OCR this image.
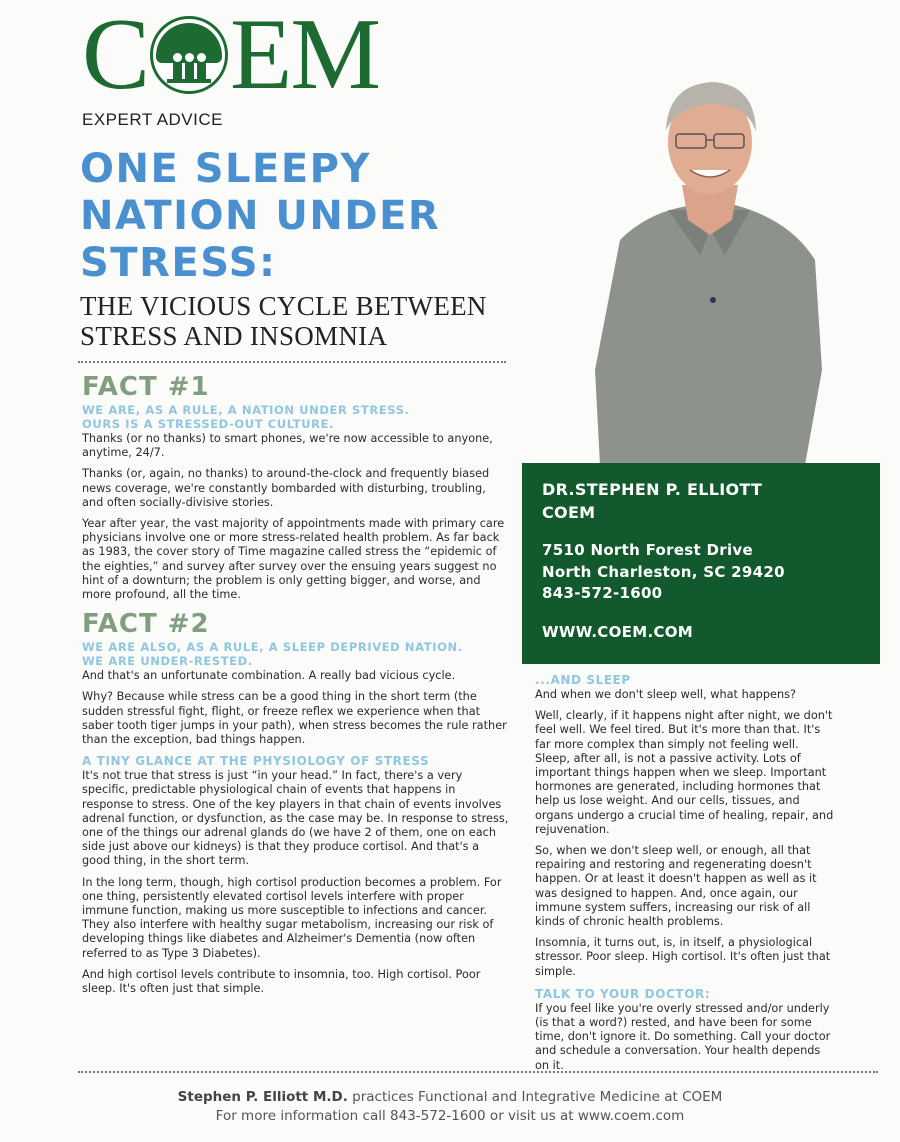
C EM
EXPERT ADVICE
ONE SLEEPY
NATION UNDER
STRESS:
THE VICIOUS CYCLE BETWEEN
STRESS AND INSOMNIA
FACT #1
WE ARE, AS A RULE, A NATION UNDER STRESS.
OURS IS A STRESSED-OUT CULTURE.

Thanks (or no thanks) to smart phones, we're now accessible to anyone, anytime, 24/7.

Thanks (or, again, no thanks) to around-the-clock and frequently biased news coverage, we're constantly bombarded with disturbing, troubling, and often socially-divisive stories.

Year after year, the vast majority of appointments made with primary care physicians involve one or more stress-related health problem. As far back as 1983, the cover story of Time magazine called stress the “epidemic of the eighties,” and survey after survey over the ensuing years suggest no hint of a downturn; the problem is only getting bigger, and worse, and more profound, all the time.

FACT #2
WE ARE ALSO, AS A RULE, A SLEEP DEPRIVED NATION.
WE ARE UNDER-RESTED.

And that's an unfortunate combination. A really bad vicious cycle.

Why? Because while stress can be a good thing in the short term (the sudden stressful fight, flight, or freeze reflex we experience when that saber tooth tiger jumps in your path), when stress becomes the rule rather than the exception, bad things happen.

A TINY GLANCE AT THE PHYSIOLOGY OF STRESS

It's not true that stress is just “in your head.” In fact, there's a very specific, predictable physiological chain of events that happens in response to stress. One of the key players in that chain of events involves adrenal function, or dysfunction, as the case may be. In response to stress, one of the things our adrenal glands do (we have 2 of them, one on each side just above our kidneys) is that they produce cortisol. And that's a good thing, in the short term.

In the long term, though, high cortisol production becomes a problem. For one thing, persistently elevated cortisol levels interfere with proper immune function, making us more susceptible to infections and cancer. They also interfere with healthy sugar metabolism, increasing our risk of developing things like diabetes and Alzheimer's Dementia (now often referred to as Type 3 Diabetes).

And high cortisol levels contribute to insomnia, too. High cortisol. Poor sleep. It's often just that simple.

DR.STEPHEN P. ELLIOTT
COEM
7510 North Forest Drive
North Charleston, SC 29420
843-572-1600
WWW.COEM.COM
...AND SLEEP

And when we don't sleep well, what happens?

Well, clearly, if it happens night after night, we don't feel well. We feel tired. But it's more than that. It's far more complex than simply not feeling well. Sleep, after all, is not a passive activity. Lots of important things happen when we sleep. Important hormones are generated, including hormones that help us lose weight. And our cells, tissues, and organs undergo a crucial time of healing, repair, and rejuvenation.

So, when we don't sleep well, or enough, all that repairing and restoring and regenerating doesn't happen. Or at least it doesn't happen as well as it was designed to happen. And, once again, our immune system suffers, increasing our risk of all kinds of chronic health problems.

Insomnia, it turns out, is, in itself, a physiological stressor. Poor sleep. High cortisol. It's often just that simple.

TALK TO YOUR DOCTOR:

If you feel like you're overly stressed and/or underly (is that a word?) rested, and have been for some time, don't ignore it. Do something. Call your doctor and schedule a conversation. Your health depends on it.

Stephen P. Elliott M.D. practices Functional and Integrative Medicine at COEM
For more information call 843-572-1600 or visit us at www.coem.com
